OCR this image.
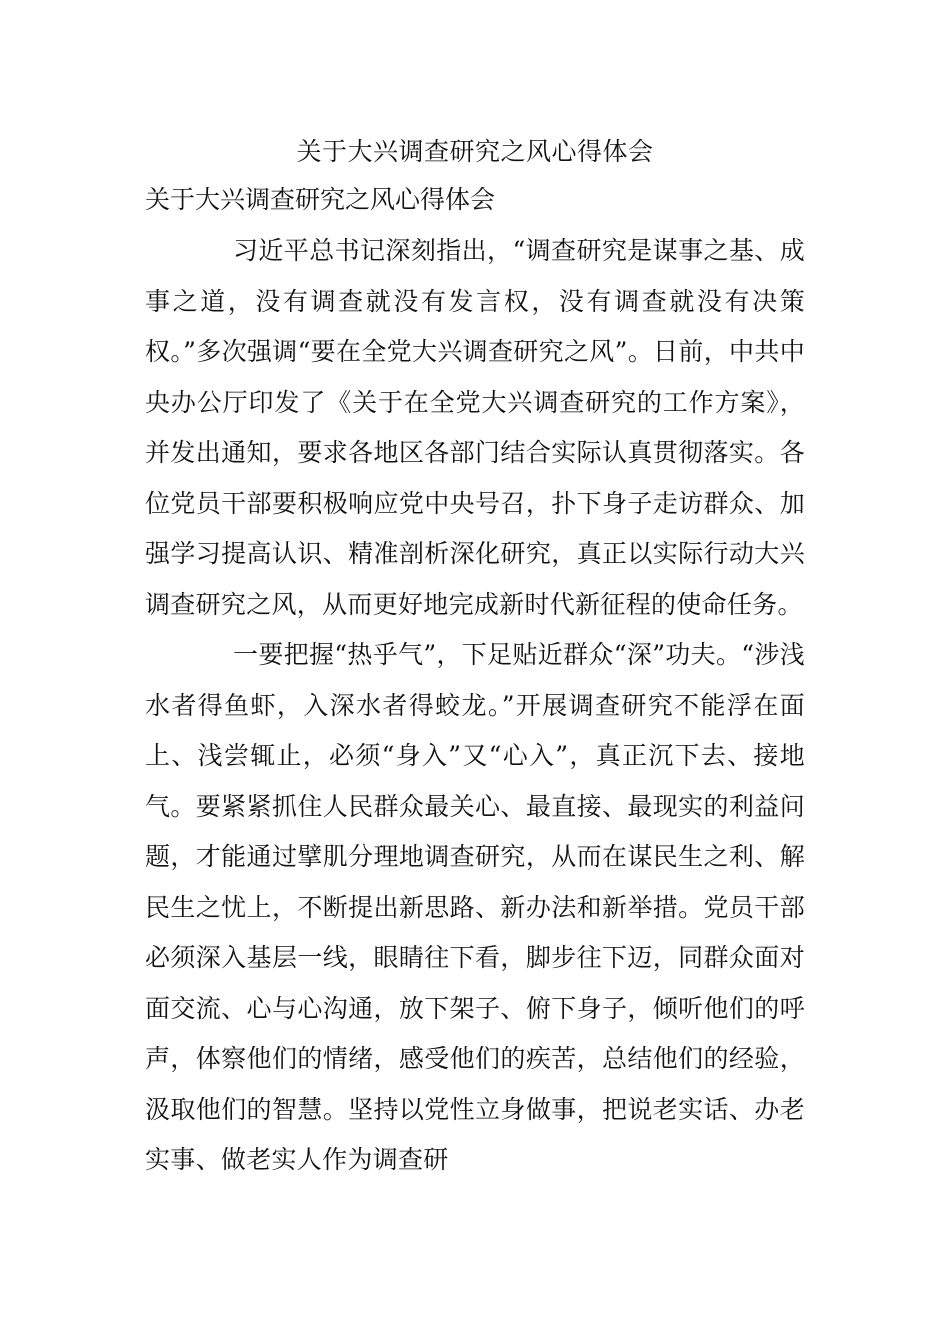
关于大兴调查研究之风心得体会
关于大兴调查研究之风心得体会

习近平总书记深刻指出，“调查研究是谋事之基、成事之道，没有调查就没有发言权，没有调查就没有决策权。”多次强调“要在全党大兴调查研究之风”。日前，中共中央办公厅印发了《关于在全党大兴调查研究的工作方案》，并发出通知，要求各地区各部门结合实际认真贯彻落实。各位党员干部要积极响应党中央号召，扑下身子走访群众、加强学习提高认识、精准剖析深化研究，真正以实际行动大兴调查研究之风，从而更好地完成新时代新征程的使命任务。

一要把握“热乎气”，下足贴近群众“深”功夫。“涉浅水者得鱼虾，入深水者得蛟龙。”开展调查研究不能浮在面上、浅尝辄止，必须“身入”又“心入”，真正沉下去、接地气。要紧紧抓住人民群众最关心、最直接、最现实的利益问题，才能通过擘肌分理地调查研究，从而在谋民生之利、解民生之忧上，不断提出新思路、新办法和新举措。党员干部必须深入基层一线，眼睛往下看，脚步往下迈，同群众面对面交流、心与心沟通，放下架子、俯下身子，倾听他们的呼声，体察他们的情绪，感受他们的疾苦，总结他们的经验，汲取他们的智慧。坚持以党性立身做事，把说老实话、办老实事、做老实人作为调查研
